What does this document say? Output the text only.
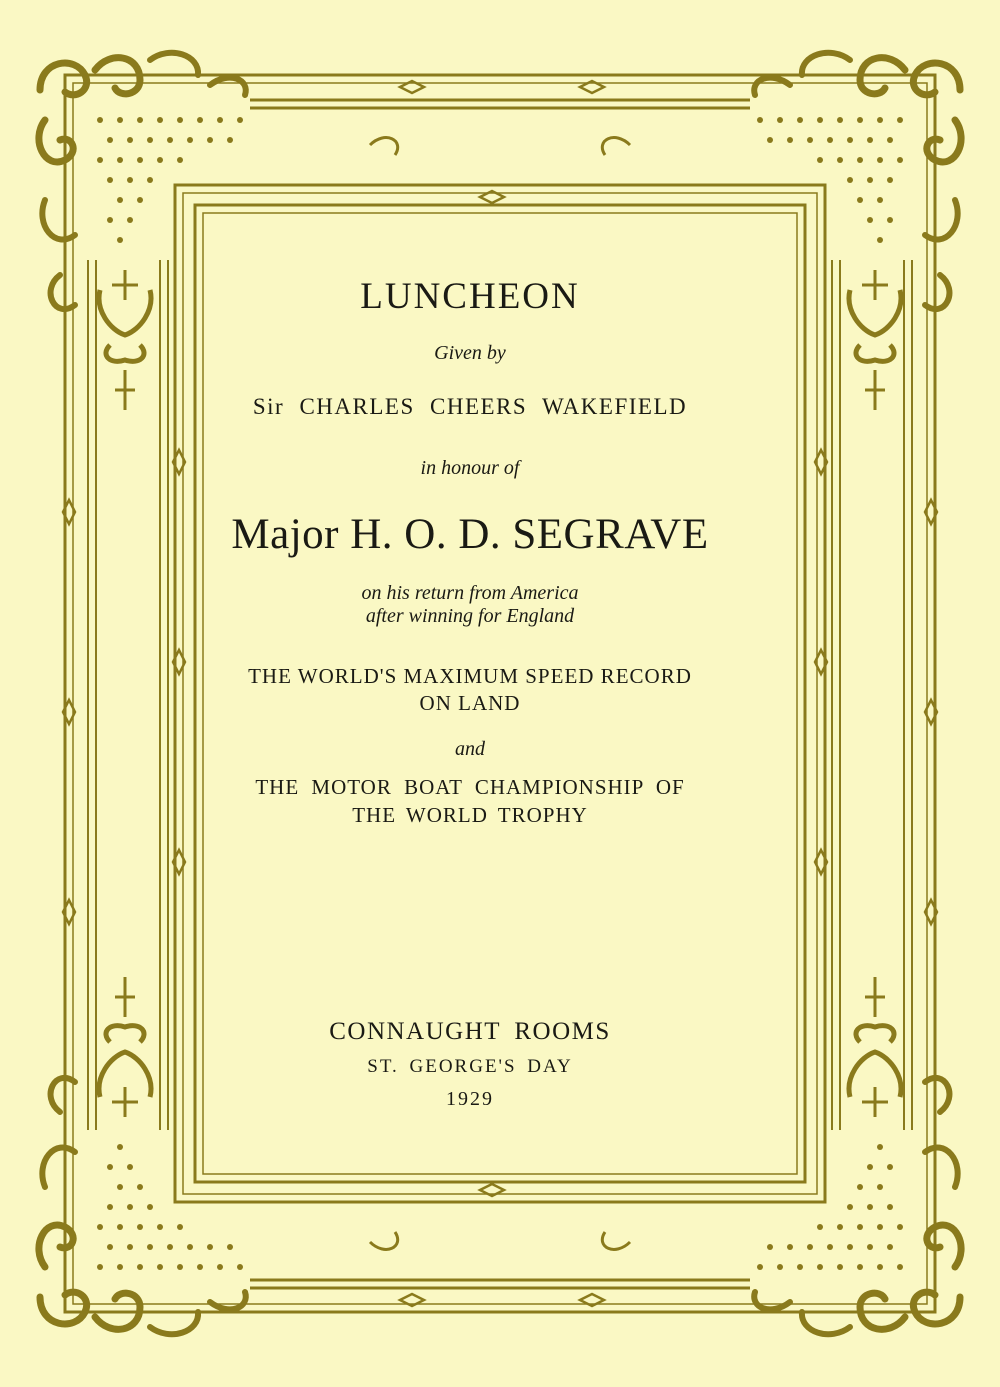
LUNCHEON
Given by
Sir CHARLES CHEERS WAKEFIELD
in honour of
Major H. O. D. SEGRAVE
on his return from America
after winning for England
THE WORLD'S MAXIMUM SPEED RECORD
ON LAND
and
THE MOTOR BOAT CHAMPIONSHIP OF
THE WORLD TROPHY
CONNAUGHT ROOMS
ST. GEORGE'S DAY
1929
